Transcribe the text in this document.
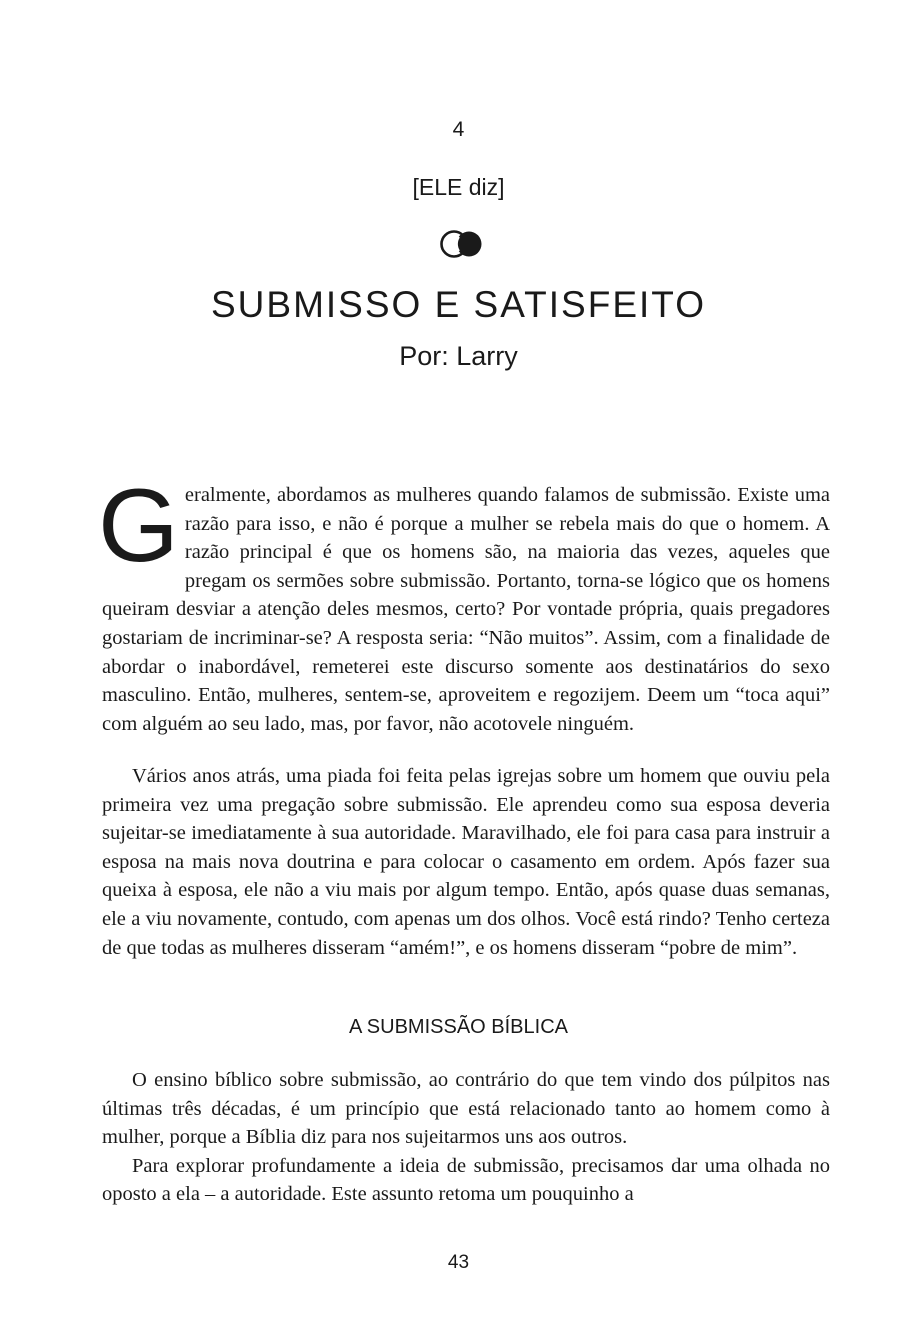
4
[ELE diz]
SUBMISSO E SATISFEITO
Por: Larry

Geralmente, abordamos as mulheres quando falamos de submissão. Existe uma razão para isso, e não é porque a mulher se rebela mais do que o homem. A razão principal é que os homens são, na maioria das vezes, aqueles que pregam os sermões sobre submissão. Portanto, torna-se lógico que os homens queiram desviar a atenção deles mesmos, certo? Por vontade própria, quais pregadores gostariam de incriminar-se? A resposta seria: “Não muitos”. Assim, com a finalidade de abordar o inabordável, remeterei este discurso somente aos destinatários do sexo masculino. Então, mulheres, sentem-se, aproveitem e regozijem. Deem um “toca aqui” com alguém ao seu lado, mas, por favor, não acotovele ninguém.

Vários anos atrás, uma piada foi feita pelas igrejas sobre um homem que ouviu pela primeira vez uma pregação sobre submissão. Ele aprendeu como sua esposa deveria sujeitar-se imediatamente à sua autoridade. Maravilhado, ele foi para casa para instruir a esposa na mais nova doutrina e para colocar o casamento em ordem. Após fazer sua queixa à esposa, ele não a viu mais por algum tempo. Então, após quase duas semanas, ele a viu novamente, contudo, com apenas um dos olhos. Você está rindo? Tenho certeza de que todas as mulheres disseram “amém!”, e os homens disseram “pobre de mim”.

A SUBMISSÃO BÍBLICA

O ensino bíblico sobre submissão, ao contrário do que tem vindo dos púlpitos nas últimas três décadas, é um princípio que está relacionado tanto ao homem como à mulher, porque a Bíblia diz para nos sujeitarmos uns aos outros.

Para explorar profundamente a ideia de submissão, precisamos dar uma olhada no oposto a ela – a autoridade. Este assunto retoma um pouquinho a

43
